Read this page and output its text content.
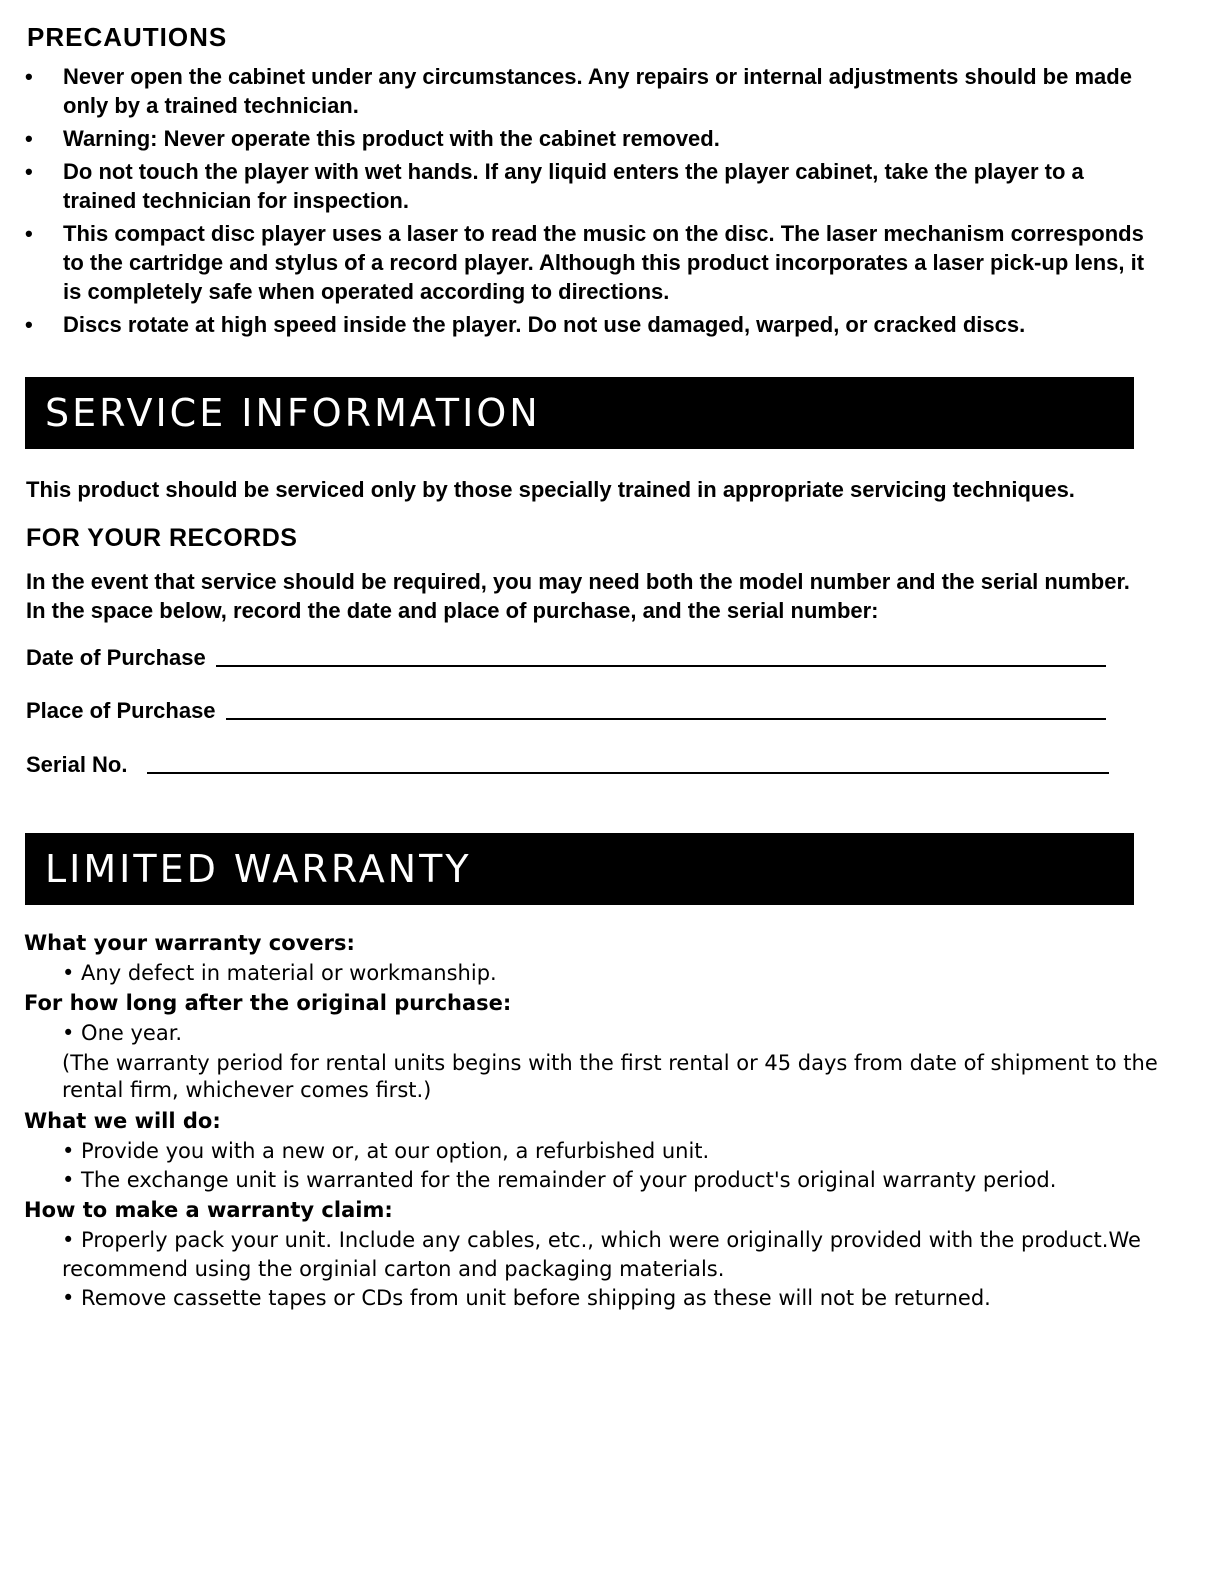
PRECAUTIONS
• Never open the cabinet under any circumstances. Any repairs or internal adjustments should be made only by a trained technician.
• Warning: Never operate this product with the cabinet removed.
• Do not touch the player with wet hands. If any liquid enters the player cabinet, take the player to a trained technician for inspection.
• This compact disc player uses a laser to read the music on the disc. The laser mechanism corresponds to the cartridge and stylus of a record player. Although this product incorporates a laser pick-up lens, it is completely safe when operated according to directions.
• Discs rotate at high speed inside the player. Do not use damaged, warped, or cracked discs.
SERVICE INFORMATION
This product should be serviced only by those specially trained in appropriate servicing techniques.
FOR YOUR RECORDS
In the event that service should be required, you may need both the model number and the serial number. In the space below, record the date and place of purchase, and the serial number:
Date of Purchase
Place of Purchase
Serial No.
LIMITED WARRANTY
What your warranty covers:
• Any defect in material or workmanship.
For how long after the original purchase:
• One year.
(The warranty period for rental units begins with the first rental or 45 days from date of shipment to the rental firm, whichever comes first.)
What we will do:
• Provide you with a new or, at our option, a refurbished unit.
• The exchange unit is warranted for the remainder of your product's original warranty period.
How to make a warranty claim:
• Properly pack your unit. Include any cables, etc., which were originally provided with the product.We recommend using the orginial carton and packaging materials.
• Remove cassette tapes or CDs from unit before shipping as these will not be returned.
